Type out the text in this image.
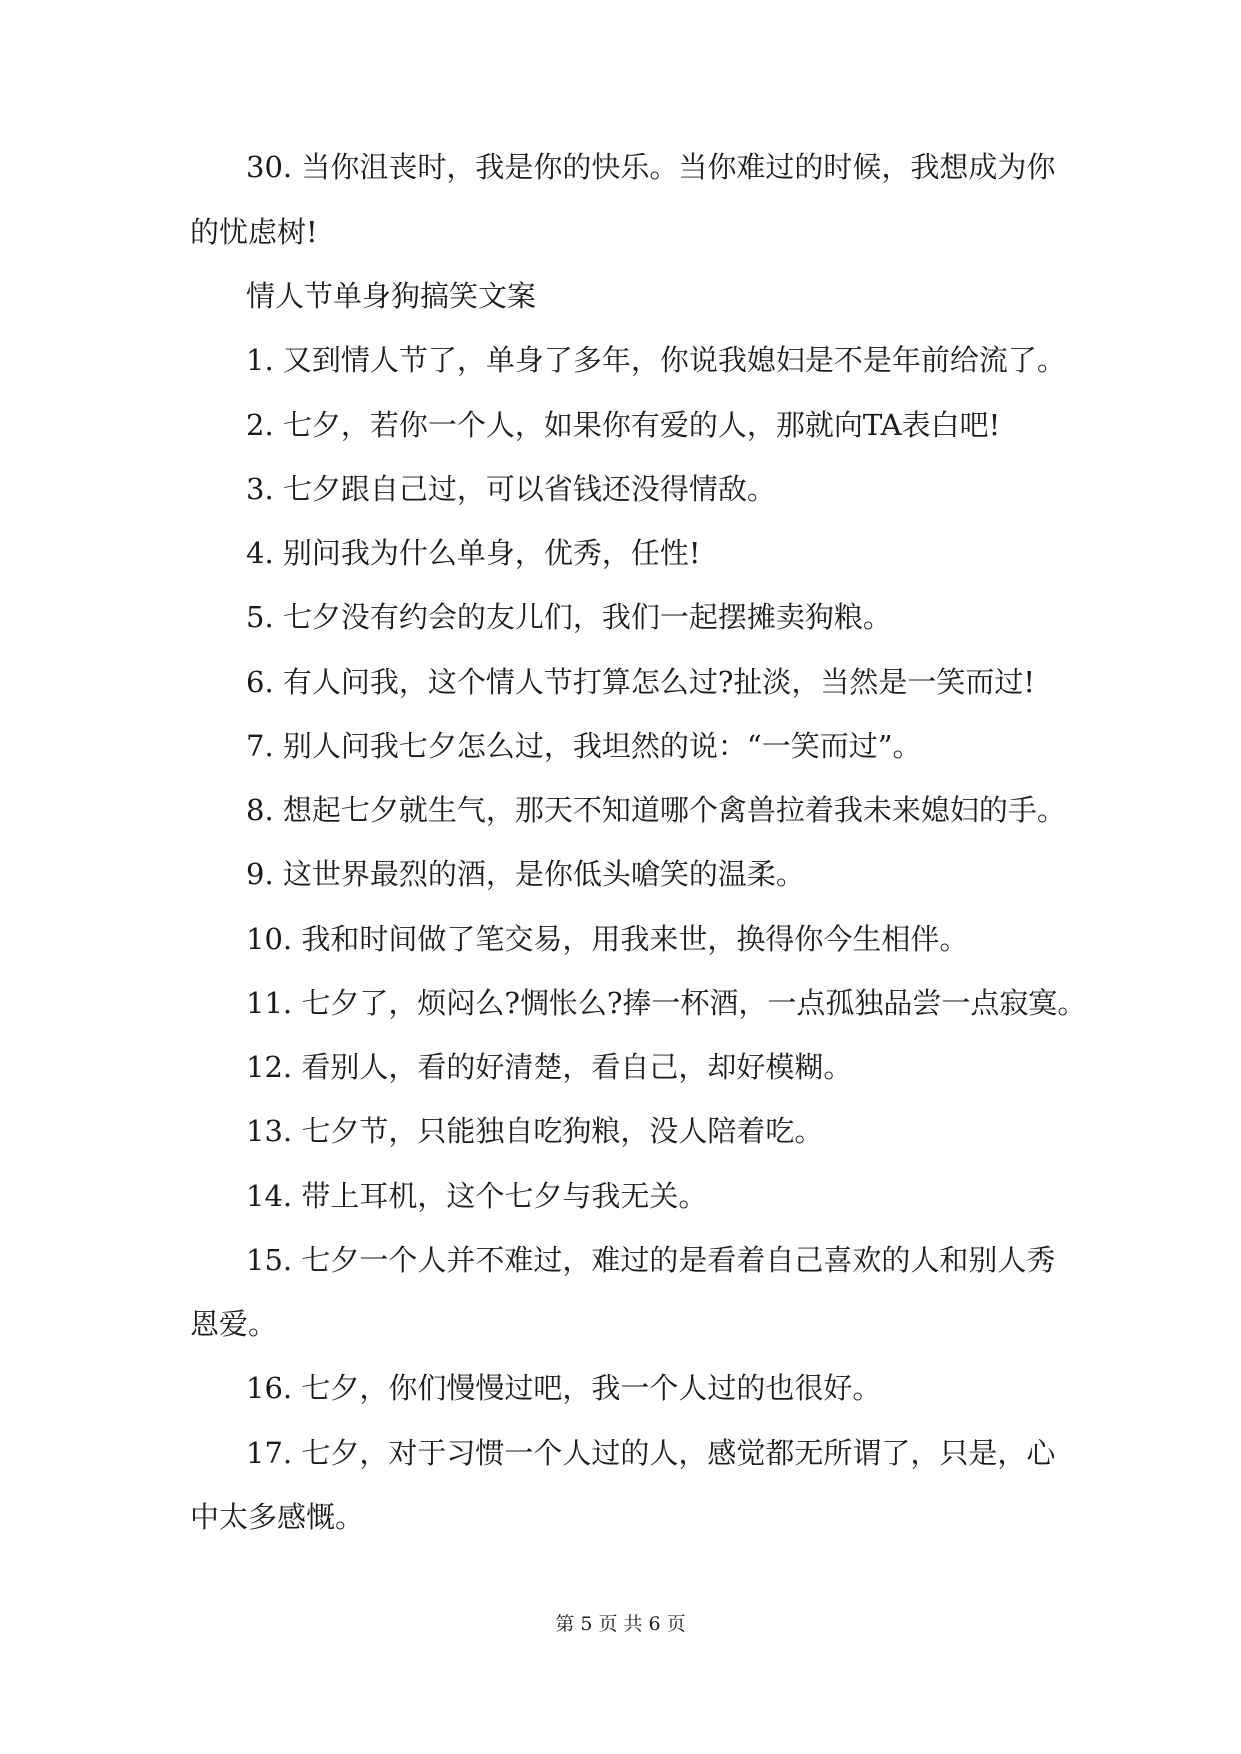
30. 当你沮丧时，我是你的快乐。当你难过的时候，我想成为你

的忧虑树!

情人节单身狗搞笑文案

1. 又到情人节了，单身了多年，你说我媳妇是不是年前给流了。

2. 七夕，若你一个人，如果你有爱的人，那就向TA表白吧!

3. 七夕跟自己过，可以省钱还没得情敌。

4. 别问我为什么单身，优秀，任性!

5. 七夕没有约会的友儿们，我们一起摆摊卖狗粮。

6. 有人问我，这个情人节打算怎么过?扯淡，当然是一笑而过!

7. 别人问我七夕怎么过，我坦然的说：“一笑而过”。

8. 想起七夕就生气，那天不知道哪个禽兽拉着我未来媳妇的手。

9. 这世界最烈的酒，是你低头嗆笑的温柔。

10. 我和时间做了笔交易，用我来世，换得你今生相伴。

11. 七夕了，烦闷么?惆怅么?捧一杯酒，一点孤独品尝一点寂寞。

12. 看别人，看的好清楚，看自己，却好模糊。

13. 七夕节，只能独自吃狗粮，没人陪着吃。

14. 带上耳机，这个七夕与我无关。

15. 七夕一个人并不难过，难过的是看着自己喜欢的人和别人秀

恩爱。

16. 七夕，你们慢慢过吧，我一个人过的也很好。

17. 七夕，对于习惯一个人过的人，感觉都无所谓了，只是，心

中太多感慨。

第 5 页 共 6 页
